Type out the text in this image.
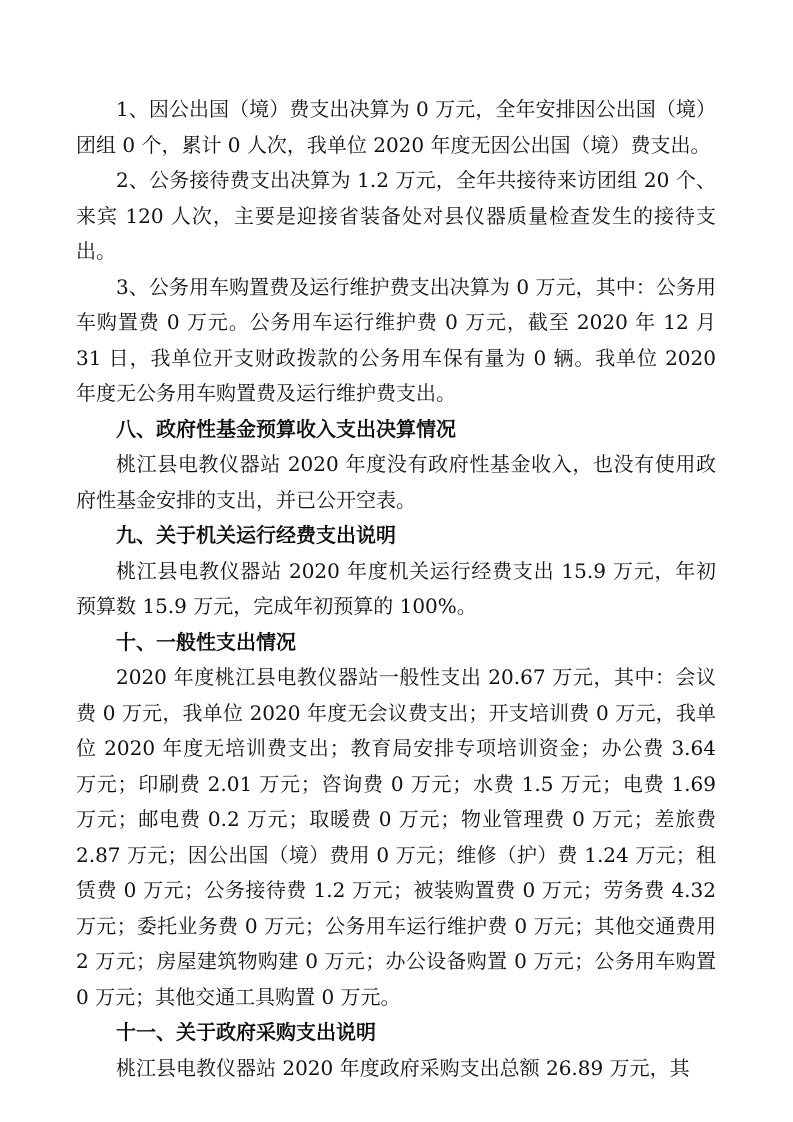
1、因公出国（境）费支出决算为 0 万元，全年安排因公出国（境）团组 0 个，累计 0 人次，我单位 2020 年度无因公出国（境）费支出。

2、公务接待费支出决算为 1.2 万元，全年共接待来访团组 20 个、来宾 120 人次，主要是迎接省装备处对县仪器质量检查发生的接待支出。

3、公务用车购置费及运行维护费支出决算为 0 万元，其中：公务用车购置费 0 万元。公务用车运行维护费 0 万元，截至 2020 年 12 月 31 日，我单位开支财政拨款的公务用车保有量为 0 辆。我单位 2020 年度无公务用车购置费及运行维护费支出。

八、政府性基金预算收入支出决算情况

桃江县电教仪器站 2020 年度没有政府性基金收入，也没有使用政府性基金安排的支出，并已公开空表。

九、关于机关运行经费支出说明

桃江县电教仪器站 2020 年度机关运行经费支出 15.9 万元，年初预算数 15.9 万元，完成年初预算的 100%。

十、一般性支出情况

2020 年度桃江县电教仪器站一般性支出 20.67 万元，其中：会议费 0 万元，我单位 2020 年度无会议费支出；开支培训费 0 万元，我单位 2020 年度无培训费支出；教育局安排专项培训资金；办公费 3.64 万元；印刷费 2.01 万元；咨询费 0 万元；水费 1.5 万元；电费 1.69 万元；邮电费 0.2 万元；取暖费 0 万元；物业管理费 0 万元；差旅费 2.87 万元；因公出国（境）费用 0 万元；维修（护）费 1.24 万元；租赁费 0 万元；公务接待费 1.2 万元；被装购置费 0 万元；劳务费 4.32 万元；委托业务费 0 万元；公务用车运行维护费 0 万元；其他交通费用 2 万元；房屋建筑物购建 0 万元；办公设备购置 0 万元；公务用车购置 0 万元；其他交通工具购置 0 万元。

十一、关于政府采购支出说明

桃江县电教仪器站 2020 年度政府采购支出总额 26.89 万元，其
